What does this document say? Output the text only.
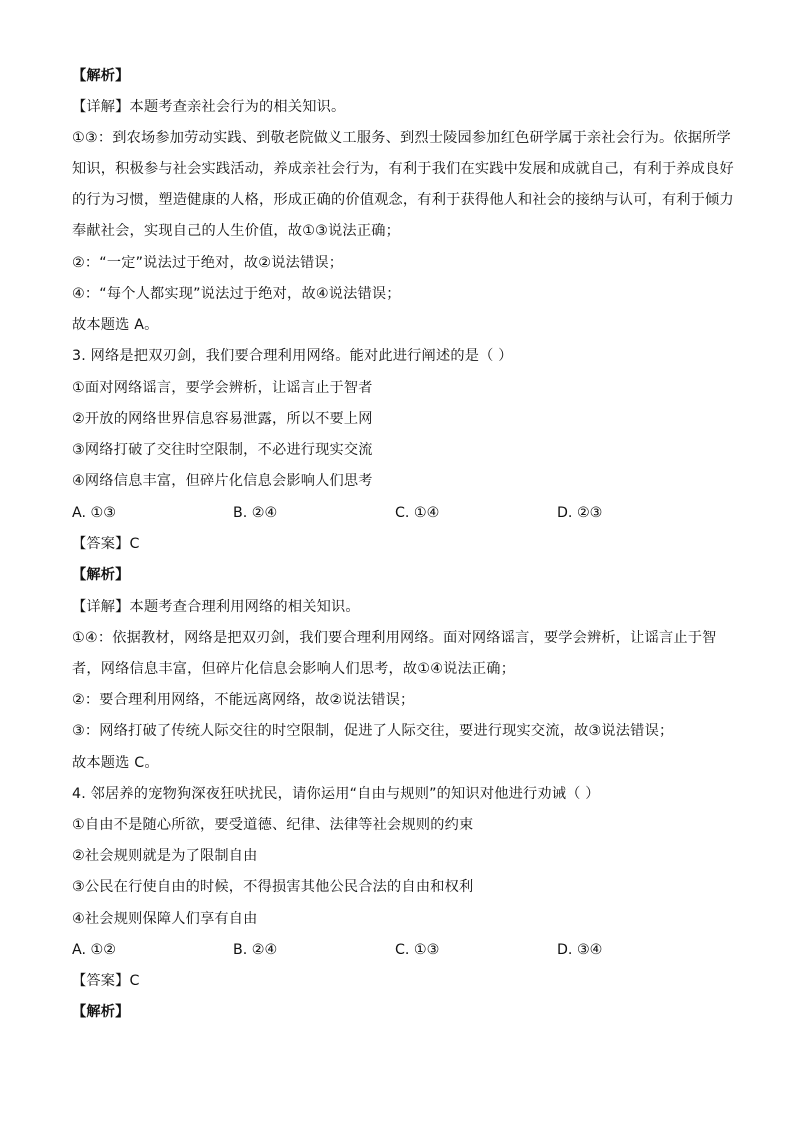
【解析】
【详解】本题考查亲社会行为的相关知识。
①③：到农场参加劳动实践、到敬老院做义工服务、到烈士陵园参加红色研学属于亲社会行为。依据所学
知识，积极参与社会实践活动，养成亲社会行为，有利于我们在实践中发展和成就自己，有利于养成良好
的行为习惯，塑造健康的人格，形成正确的价值观念，有利于获得他人和社会的接纳与认可，有利于倾力
奉献社会，实现自己的人生价值，故①③说法正确；
②：“一定”说法过于绝对，故②说法错误；
④：“每个人都实现”说法过于绝对，故④说法错误；
故本题选 A。
3. 网络是把双刃剑，我们要合理利用网络。能对此进行阐述的是（ ）
①面对网络谣言，要学会辨析，让谣言止于智者
②开放的网络世界信息容易泄露，所以不要上网
③网络打破了交往时空限制，不必进行现实交流
④网络信息丰富，但碎片化信息会影响人们思考
A. ①③	B. ②④	C. ①④	D. ②③
【答案】C
【解析】
【详解】本题考查合理利用网络的相关知识。
①④：依据教材，网络是把双刃剑，我们要合理利用网络。面对网络谣言，要学会辨析，让谣言止于智
者，网络信息丰富，但碎片化信息会影响人们思考，故①④说法正确；
②：要合理利用网络，不能远离网络，故②说法错误；
③：网络打破了传统人际交往的时空限制，促进了人际交往，要进行现实交流，故③说法错误；
故本题选 C。
4. 邻居养的宠物狗深夜狂吠扰民，请你运用“自由与规则”的知识对他进行劝诫（ ）
①自由不是随心所欲，要受道德、纪律、法律等社会规则的约束
②社会规则就是为了限制自由
③公民在行使自由的时候，不得损害其他公民合法的自由和权利
④社会规则保障人们享有自由
A. ①②	B. ②④	C. ①③	D. ③④
【答案】C
【解析】
